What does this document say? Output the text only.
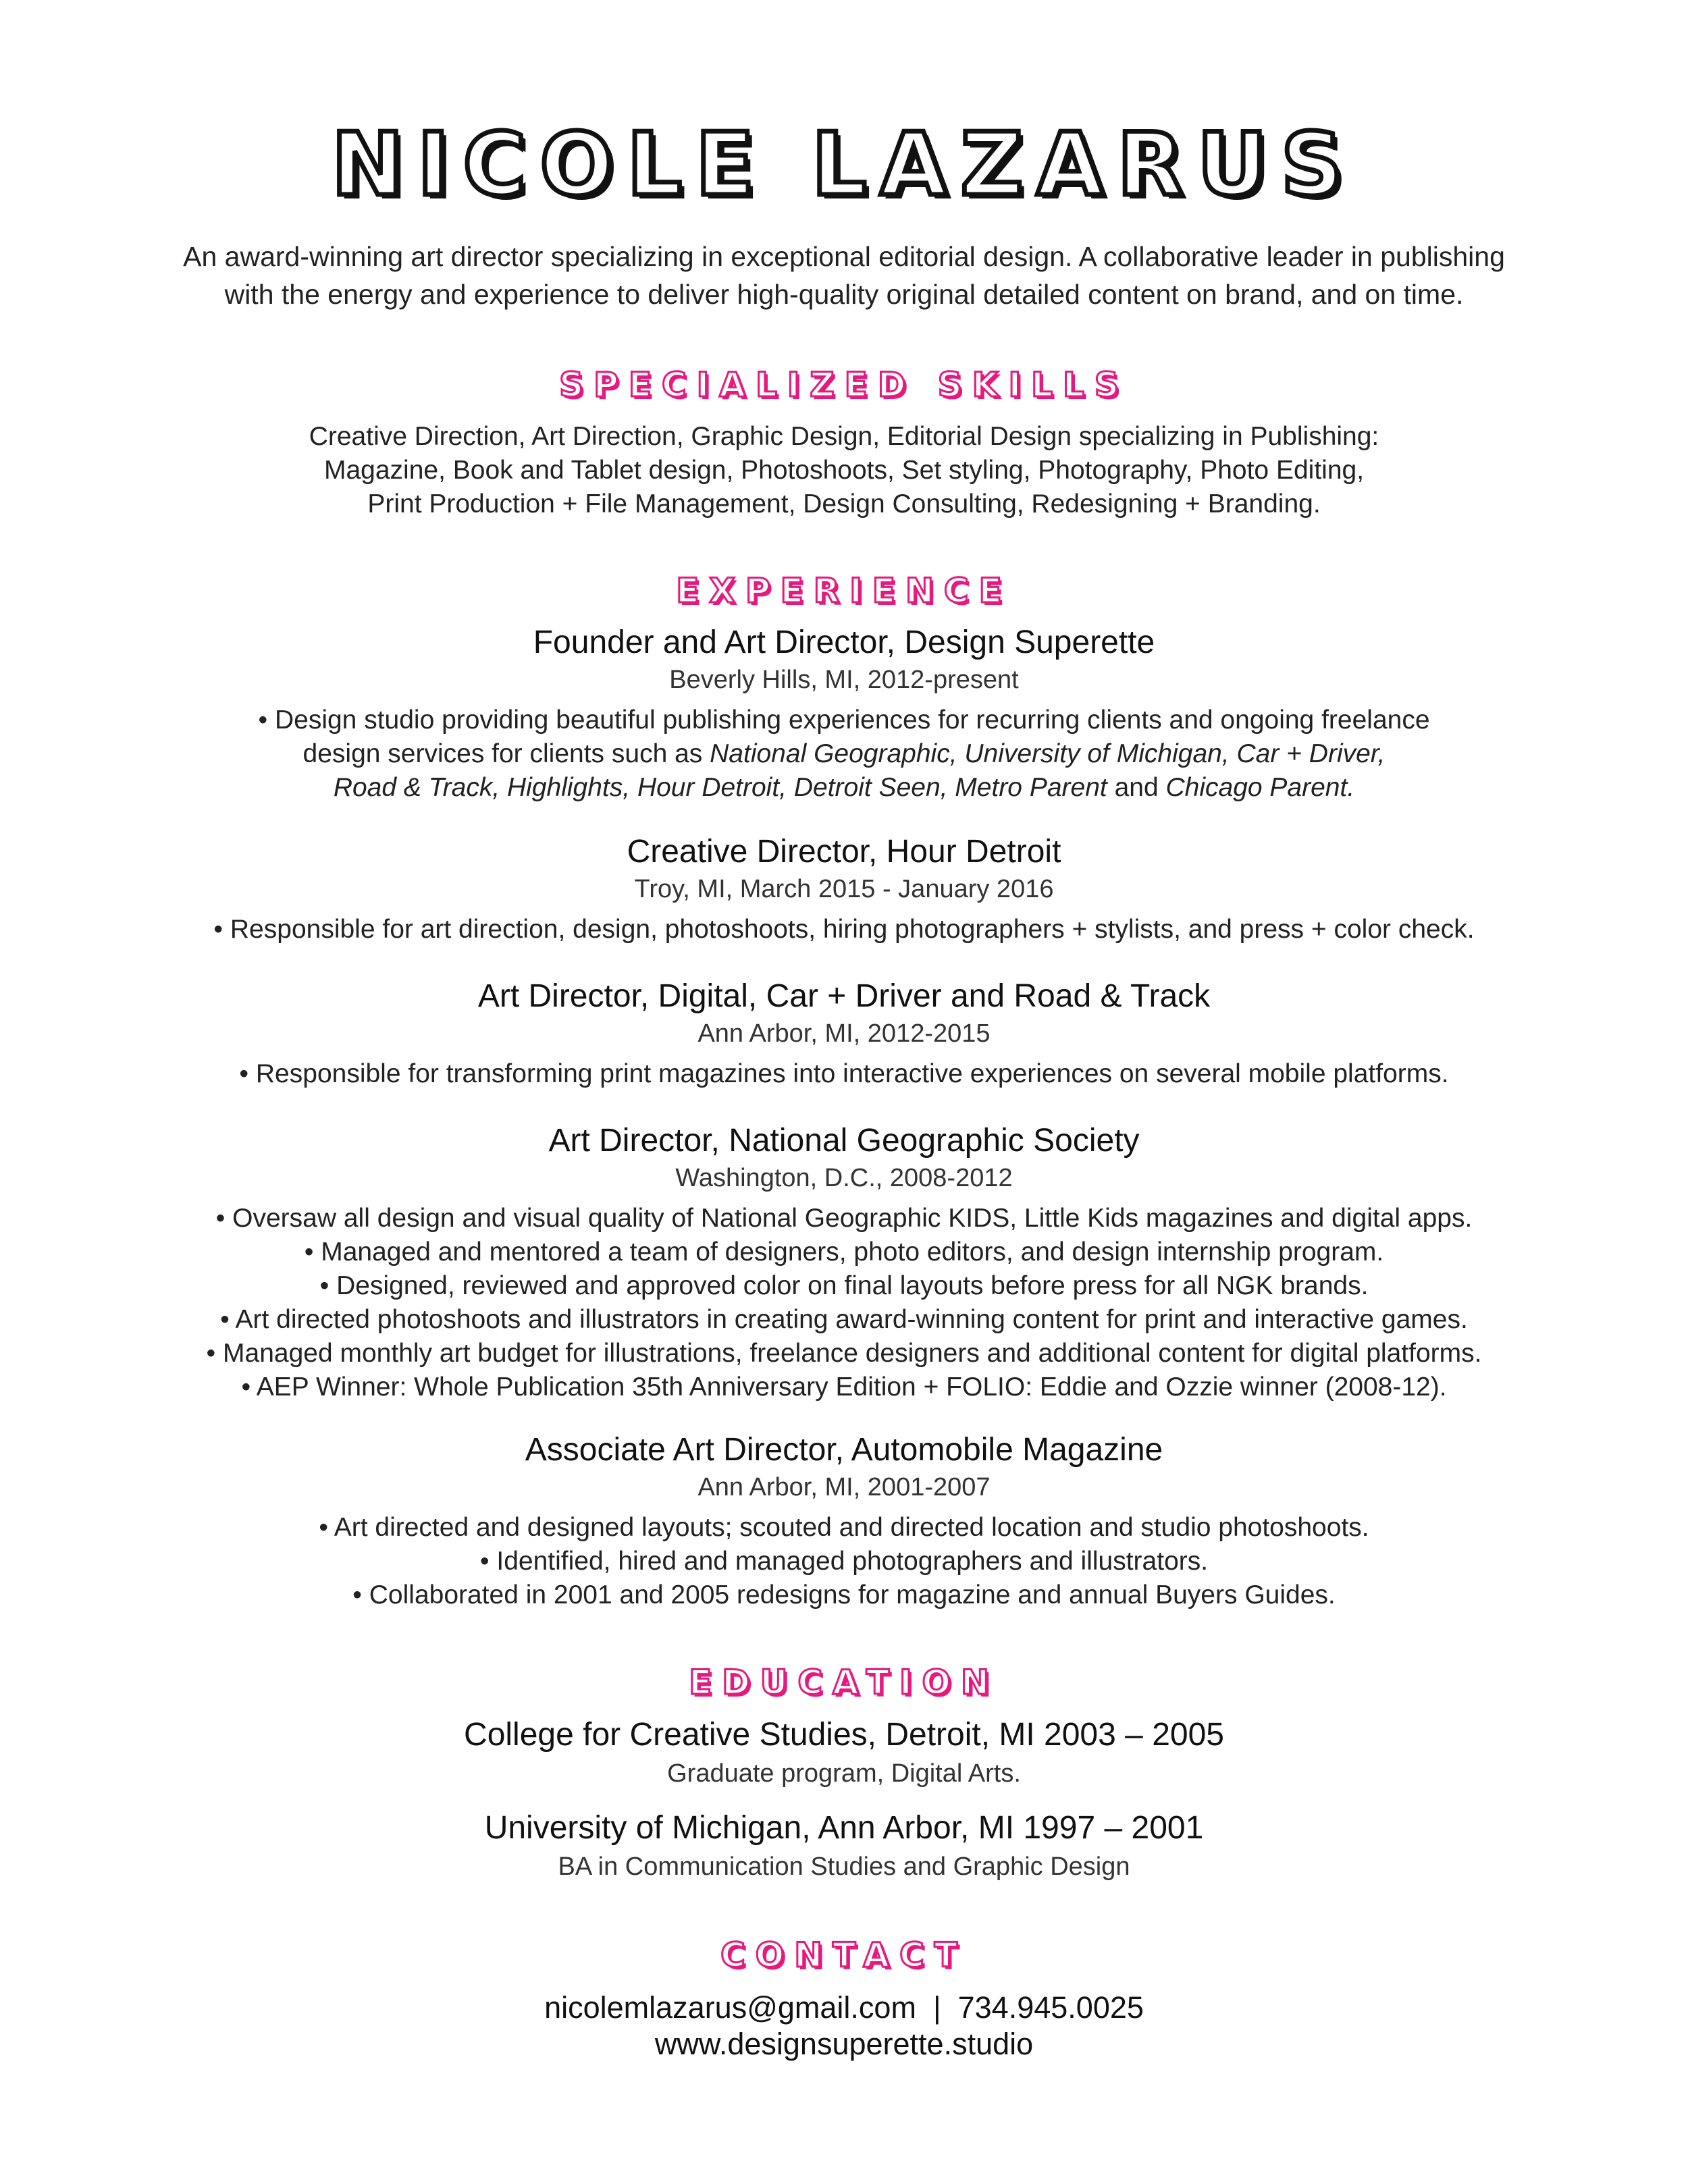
NICOLE LAZARUS
An award-winning art director specializing in exceptional editorial design. A collaborative leader in publishing
with the energy and experience to deliver high-quality original detailed content on brand, and on time.
SPECIALIZED SKILLS
Creative Direction, Art Direction, Graphic Design, Editorial Design specializing in Publishing:
Magazine, Book and Tablet design, Photoshoots, Set styling, Photography, Photo Editing,
Print Production + File Management, Design Consulting, Redesigning + Branding.
EXPERIENCE
Founder and Art Director, Design Superette
Beverly Hills, MI, 2012-present
• Design studio providing beautiful publishing experiences for recurring clients and ongoing freelance
design services for clients such as National Geographic, University of Michigan, Car + Driver,
Road & Track, Highlights, Hour Detroit, Detroit Seen, Metro Parent and Chicago Parent.
Creative Director, Hour Detroit
Troy, MI, March 2015 - January 2016
• Responsible for art direction, design, photoshoots, hiring photographers + stylists, and press + color check.
Art Director, Digital, Car + Driver and Road & Track
Ann Arbor, MI, 2012-2015
• Responsible for transforming print magazines into interactive experiences on several mobile platforms.
Art Director, National Geographic Society
Washington, D.C., 2008-2012
• Oversaw all design and visual quality of National Geographic KIDS, Little Kids magazines and digital apps.
• Managed and mentored a team of designers, photo editors, and design internship program.
• Designed, reviewed and approved color on final layouts before press for all NGK brands.
• Art directed photoshoots and illustrators in creating award-winning content for print and interactive games.
• Managed monthly art budget for illustrations, freelance designers and additional content for digital platforms.
• AEP Winner: Whole Publication 35th Anniversary Edition + FOLIO: Eddie and Ozzie winner (2008-12).
Associate Art Director, Automobile Magazine
Ann Arbor, MI, 2001-2007
• Art directed and designed layouts; scouted and directed location and studio photoshoots.
• Identified, hired and managed photographers and illustrators.
• Collaborated in 2001 and 2005 redesigns for magazine and annual Buyers Guides.
EDUCATION
College for Creative Studies, Detroit, MI 2003 – 2005
Graduate program, Digital Arts.
University of Michigan, Ann Arbor, MI 1997 – 2001
BA in Communication Studies and Graphic Design
CONTACT
nicolemlazarus@gmail.com  |  734.945.0025
www.designsuperette.studio
